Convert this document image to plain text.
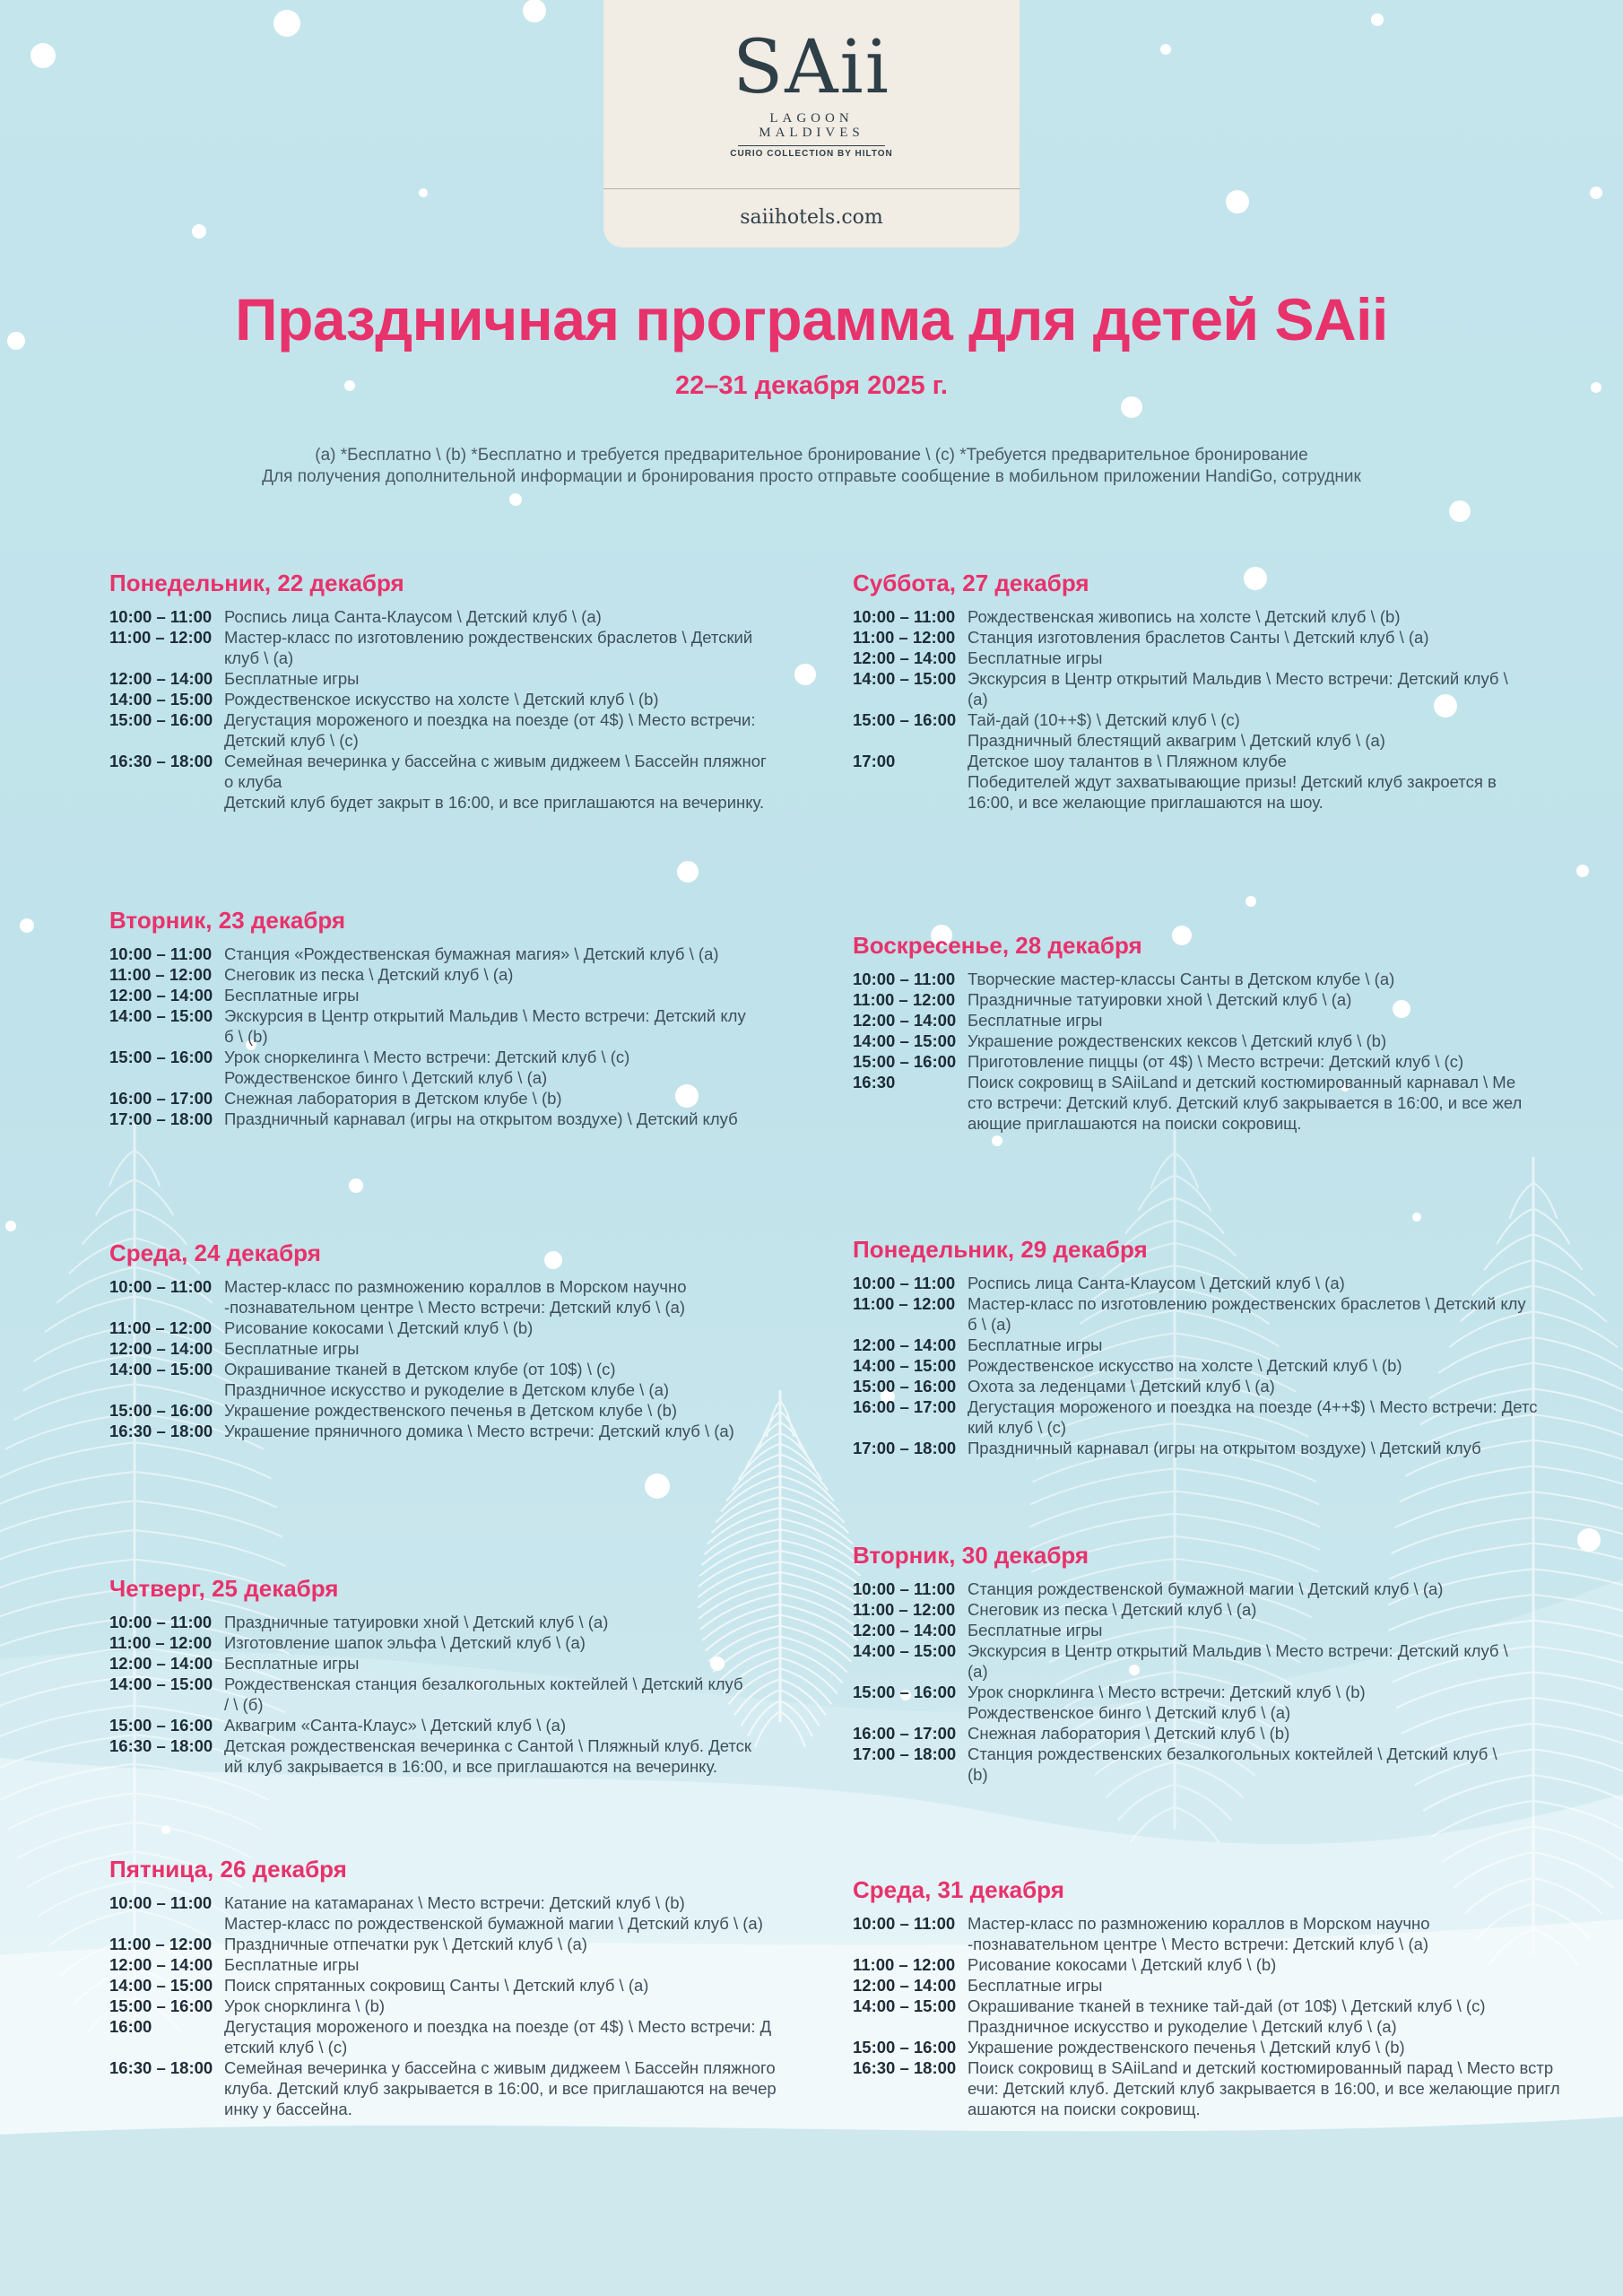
SAii
LAGOON
MALDIVES
CURIO COLLECTION BY HILTON
saiihotels.com
Праздничная программа для детей SAii
22–31 декабря 2025 г.
(a) *Бесплатно \ (b) *Бесплатно и требуется предварительное бронирование \ (c) *Требуется предварительное бронирование
Для получения дополнительной информации и бронирования просто отправьте сообщение в мобильном приложении HandiGo, сотрудник
Понедельник, 22 декабря
10:00 – 11:00 Роспись лица Санта-Клаусом \ Детский клуб \ (a)
11:00 – 12:00 Мастер-класс по изготовлению рождественских браслетов \ Детский
клуб \ (a)
12:00 – 14:00 Бесплатные игры
14:00 – 15:00 Рождественское искусство на холсте \ Детский клуб \ (b)
15:00 – 16:00 Дегустация мороженого и поездка на поезде (от 4$) \ Место встречи:
Детский клуб \ (c)
16:30 – 18:00 Семейная вечеринка у бассейна с живым диджеем \ Бассейн пляжног
о клуба
Детский клуб будет закрыт в 16:00, и все приглашаются на вечеринку.
Вторник, 23 декабря
10:00 – 11:00 Станция «Рождественская бумажная магия» \ Детский клуб \ (a)
11:00 – 12:00 Снеговик из песка \ Детский клуб \ (a)
12:00 – 14:00 Бесплатные игры
14:00 – 15:00 Экскурсия в Центр открытий Мальдив \ Место встречи: Детский клу
б \ (b)
15:00 – 16:00 Урок сноркелинга \ Место встречи: Детский клуб \ (c)
Рождественское бинго \ Детский клуб \ (a)
16:00 – 17:00 Снежная лаборатория в Детском клубе \ (b)
17:00 – 18:00 Праздничный карнавал (игры на открытом воздухе) \ Детский клуб
Среда, 24 декабря
10:00 – 11:00 Мастер-класс по размножению кораллов в Морском научно
-познавательном центре \ Место встречи: Детский клуб \ (a)
11:00 – 12:00 Рисование кокосами \ Детский клуб \ (b)
12:00 – 14:00 Бесплатные игры
14:00 – 15:00 Окрашивание тканей в Детском клубе (от 10$) \ (c)
Праздничное искусство и рукоделие в Детском клубе \ (a)
15:00 – 16:00 Украшение рождественского печенья в Детском клубе \ (b)
16:30 – 18:00 Украшение пряничного домика \ Место встречи: Детский клуб \ (a)
Четверг, 25 декабря
10:00 – 11:00 Праздничные татуировки хной \ Детский клуб \ (a)
11:00 – 12:00 Изготовление шапок эльфа \ Детский клуб \ (a)
12:00 – 14:00 Бесплатные игры
14:00 – 15:00 Рождественская станция безалкогольных коктейлей \ Детский клуб
/ \ (б)
15:00 – 16:00 Аквагрим «Санта-Клаус» \ Детский клуб \ (a)
16:30 – 18:00 Детская рождественская вечеринка с Сантой \ Пляжный клуб. Детск
ий клуб закрывается в 16:00, и все приглашаются на вечеринку.
Пятница, 26 декабря
10:00 – 11:00 Катание на катамаранах \ Место встречи: Детский клуб \ (b)
Мастер-класс по рождественской бумажной магии \ Детский клуб \ (a)
11:00 – 12:00 Праздничные отпечатки рук \ Детский клуб \ (a)
12:00 – 14:00 Бесплатные игры
14:00 – 15:00 Поиск спрятанных сокровищ Санты \ Детский клуб \ (a)
15:00 – 16:00 Урок снорклинга \ (b)
16:00	Дегустация мороженого и поездка на поезде (от 4$) \ Место встречи: Д
етский клуб \ (c)
16:30 – 18:00 Семейная вечеринка у бассейна с живым диджеем \ Бассейн пляжного
клуба. Детский клуб закрывается в 16:00, и все приглашаются на вечер
инку у бассейна.
Суббота, 27 декабря
10:00 – 11:00 Рождественская живопись на холсте \ Детский клуб \ (b)
11:00 – 12:00 Станция изготовления браслетов Санты \ Детский клуб \ (a)
12:00 – 14:00 Бесплатные игры
14:00 – 15:00 Экскурсия в Центр открытий Мальдив \ Место встречи: Детский клуб \
(a)
15:00 – 16:00 Тай-дай (10++$) \ Детский клуб \ (c)
Праздничный блестящий аквагрим \ Детский клуб \ (a)
17:00	Детское шоу талантов в \ Пляжном клубе
Победителей ждут захватывающие призы! Детский клуб закроется в
16:00, и все желающие приглашаются на шоу.
Воскресенье, 28 декабря
10:00 – 11:00 Творческие мастер-классы Санты в Детском клубе \ (a)
11:00 – 12:00 Праздничные татуировки хной \ Детский клуб \ (a)
12:00 – 14:00 Бесплатные игры
14:00 – 15:00 Украшение рождественских кексов \ Детский клуб \ (b)
15:00 – 16:00 Приготовление пиццы (от 4$) \ Место встречи: Детский клуб \ (c)
16:30	Поиск сокровищ в SAiiLand и детский костюмированный карнавал \ Ме
сто встречи: Детский клуб. Детский клуб закрывается в 16:00, и все жел
ающие приглашаются на поиски сокровищ.
Понедельник, 29 декабря
10:00 – 11:00 Роспись лица Санта-Клаусом \ Детский клуб \ (a)
11:00 – 12:00 Мастер-класс по изготовлению рождественских браслетов \ Детский клу
б \ (a)
12:00 – 14:00 Бесплатные игры
14:00 – 15:00 Рождественское искусство на холсте \ Детский клуб \ (b)
15:00 – 16:00 Охота за леденцами \ Детский клуб \ (a)
16:00 – 17:00 Дегустация мороженого и поездка на поезде (4++$) \ Место встречи: Детс
кий клуб \ (c)
17:00 – 18:00 Праздничный карнавал (игры на открытом воздухе) \ Детский клуб
Вторник, 30 декабря
10:00 – 11:00 Станция рождественской бумажной магии \ Детский клуб \ (a)
11:00 – 12:00 Снеговик из песка \ Детский клуб \ (a)
12:00 – 14:00 Бесплатные игры
14:00 – 15:00 Экскурсия в Центр открытий Мальдив \ Место встречи: Детский клуб \
(a)
15:00 – 16:00 Урок снорклинга \ Место встречи: Детский клуб \ (b)
Рождественское бинго \ Детский клуб \ (a)
16:00 – 17:00 Снежная лаборатория \ Детский клуб \ (b)
17:00 – 18:00 Станция рождественских безалкогольных коктейлей \ Детский клуб \
(b)
Среда, 31 декабря
10:00 – 11:00 Мастер-класс по размножению кораллов в Морском научно
-познавательном центре \ Место встречи: Детский клуб \ (a)
11:00 – 12:00 Рисование кокосами \ Детский клуб \ (b)
12:00 – 14:00 Бесплатные игры
14:00 – 15:00 Окрашивание тканей в технике тай-дай (от 10$) \ Детский клуб \ (c)
Праздничное искусство и рукоделие \ Детский клуб \ (a)
15:00 – 16:00 Украшение рождественского печенья \ Детский клуб \ (b)
16:30 – 18:00 Поиск сокровищ в SAiiLand и детский костюмированный парад \ Место встр
ечи: Детский клуб. Детский клуб закрывается в 16:00, и все желающие пригл
ашаются на поиски сокровищ.
